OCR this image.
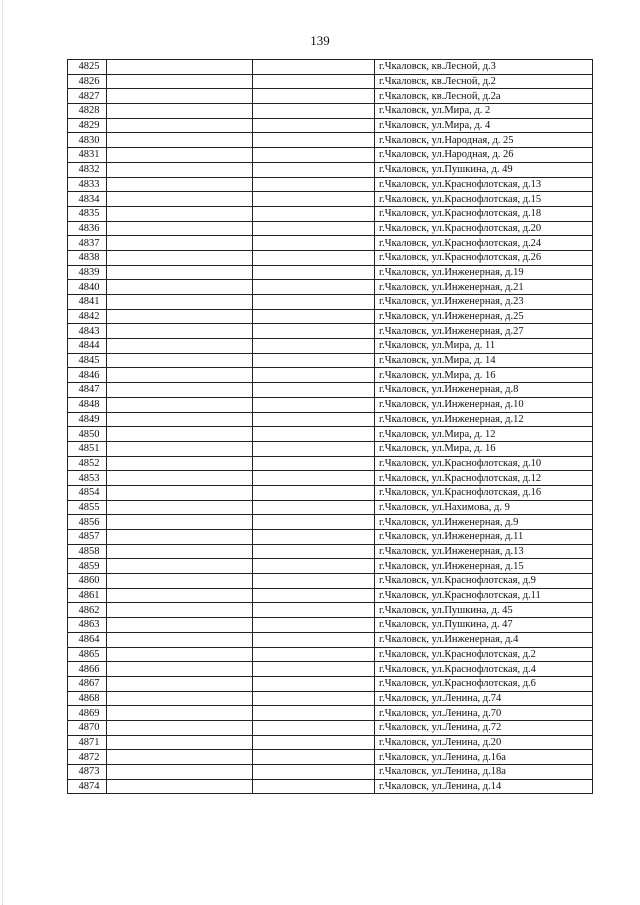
139
4825			г.Чкаловск, кв.Лесной, д.3
4826			г.Чкаловск, кв.Лесной, д.2
4827			г.Чкаловск, кв.Лесной, д.2а
4828			г.Чкаловск, ул.Мира, д. 2
4829			г.Чкаловск, ул.Мира, д. 4
4830			г.Чкаловск, ул.Народная, д. 25
4831			г.Чкаловск, ул.Народная, д. 26
4832			г.Чкаловск, ул.Пушкина, д. 49
4833			г.Чкаловск, ул.Краснофлотская, д.13
4834			г.Чкаловск, ул.Краснофлотская, д.15
4835			г.Чкаловск, ул.Краснофлотская, д.18
4836			г.Чкаловск, ул.Краснофлотская, д.20
4837			г.Чкаловск, ул.Краснофлотская, д.24
4838			г.Чкаловск, ул.Краснофлотская, д.26
4839			г.Чкаловск, ул.Инженерная, д.19
4840			г.Чкаловск, ул.Инженерная, д.21
4841			г.Чкаловск, ул.Инженерная, д.23
4842			г.Чкаловск, ул.Инженерная, д.25
4843			г.Чкаловск, ул.Инженерная, д.27
4844			г.Чкаловск, ул.Мира, д. 11
4845			г.Чкаловск, ул.Мира, д. 14
4846			г.Чкаловск, ул.Мира, д. 16
4847			г.Чкаловск, ул.Инженерная, д.8
4848			г.Чкаловск, ул.Инженерная, д.10
4849			г.Чкаловск, ул.Инженерная, д.12
4850			г.Чкаловск, ул.Мира, д. 12
4851			г.Чкаловск, ул.Мира, д. 16
4852			г.Чкаловск, ул.Краснофлотская, д.10
4853			г.Чкаловск, ул.Краснофлотская, д.12
4854			г.Чкаловск, ул.Краснофлотская, д.16
4855			г.Чкаловск, ул.Нахимова, д. 9
4856			г.Чкаловск, ул.Инженерная, д.9
4857			г.Чкаловск, ул.Инженерная, д.11
4858			г.Чкаловск, ул.Инженерная, д.13
4859			г.Чкаловск, ул.Инженерная, д.15
4860			г.Чкаловск, ул.Краснофлотская, д.9
4861			г.Чкаловск, ул.Краснофлотская, д.11
4862			г.Чкаловск, ул.Пушкина, д. 45
4863			г.Чкаловск, ул.Пушкина, д. 47
4864			г.Чкаловск, ул.Инженерная, д.4
4865			г.Чкаловск, ул.Краснофлотская, д.2
4866			г.Чкаловск, ул.Краснофлотская, д.4
4867			г.Чкаловск, ул.Краснофлотская, д.6
4868			г.Чкаловск, ул.Ленина, д.74
4869			г.Чкаловск, ул.Ленина, д.70
4870			г.Чкаловск, ул.Ленина, д.72
4871			г.Чкаловск, ул.Ленина, д.20
4872			г.Чкаловск, ул.Ленина, д.16а
4873			г.Чкаловск, ул.Ленина, д.18а
4874			г.Чкаловск, ул.Ленина, д.14
